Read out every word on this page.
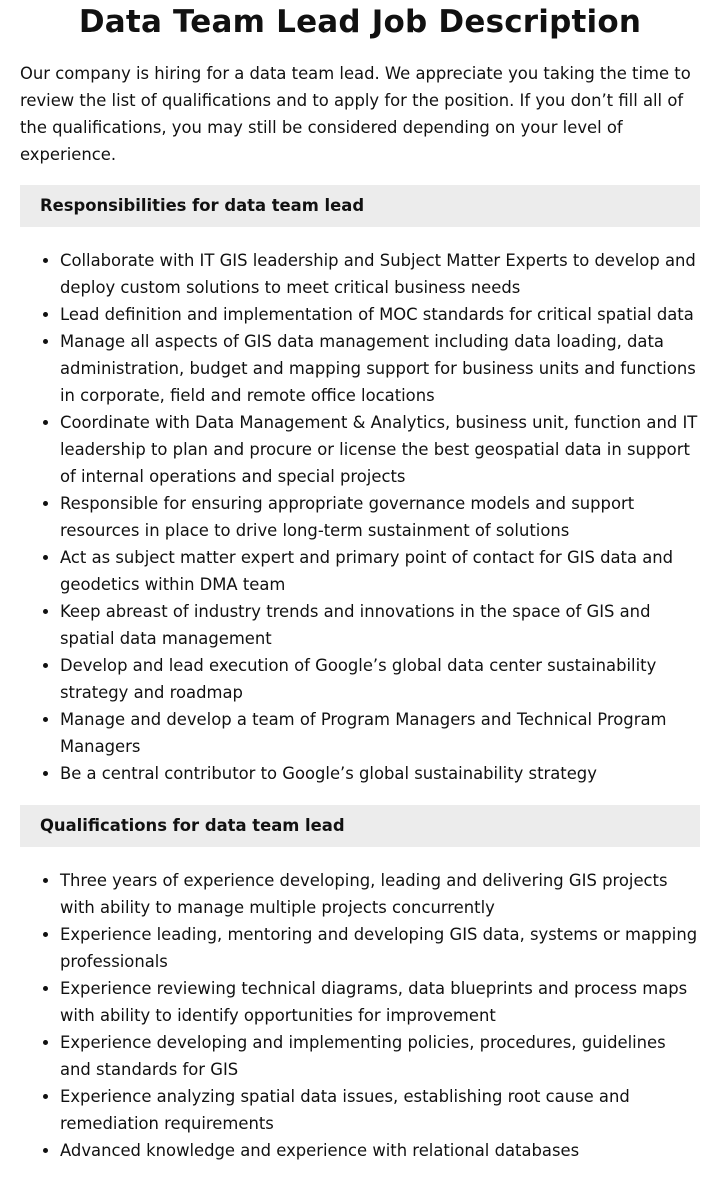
Data Team Lead Job Description

Our company is hiring for a data team lead. We appreciate you taking the time to review the list of qualifications and to apply for the position. If you don’t fill all of the qualifications, you may still be considered depending on your level of experience.

Responsibilities for data team lead
• Collaborate with IT GIS leadership and Subject Matter Experts to develop and deploy custom solutions to meet critical business needs
• Lead definition and implementation of MOC standards for critical spatial data
• Manage all aspects of GIS data management including data loading, data administration, budget and mapping support for business units and functions in corporate, field and remote office locations
• Coordinate with Data Management & Analytics, business unit, function and IT leadership to plan and procure or license the best geospatial data in support of internal operations and special projects
• Responsible for ensuring appropriate governance models and support resources in place to drive long-term sustainment of solutions
• Act as subject matter expert and primary point of contact for GIS data and geodetics within DMA team
• Keep abreast of industry trends and innovations in the space of GIS and spatial data management
• Develop and lead execution of Google’s global data center sustainability strategy and roadmap
• Manage and develop a team of Program Managers and Technical Program Managers
• Be a central contributor to Google’s global sustainability strategy
Qualifications for data team lead
• Three years of experience developing, leading and delivering GIS projects with ability to manage multiple projects concurrently
• Experience leading, mentoring and developing GIS data, systems or mapping professionals
• Experience reviewing technical diagrams, data blueprints and process maps with ability to identify opportunities for improvement
• Experience developing and implementing policies, procedures, guidelines and standards for GIS
• Experience analyzing spatial data issues, establishing root cause and remediation requirements
• Advanced knowledge and experience with relational databases
